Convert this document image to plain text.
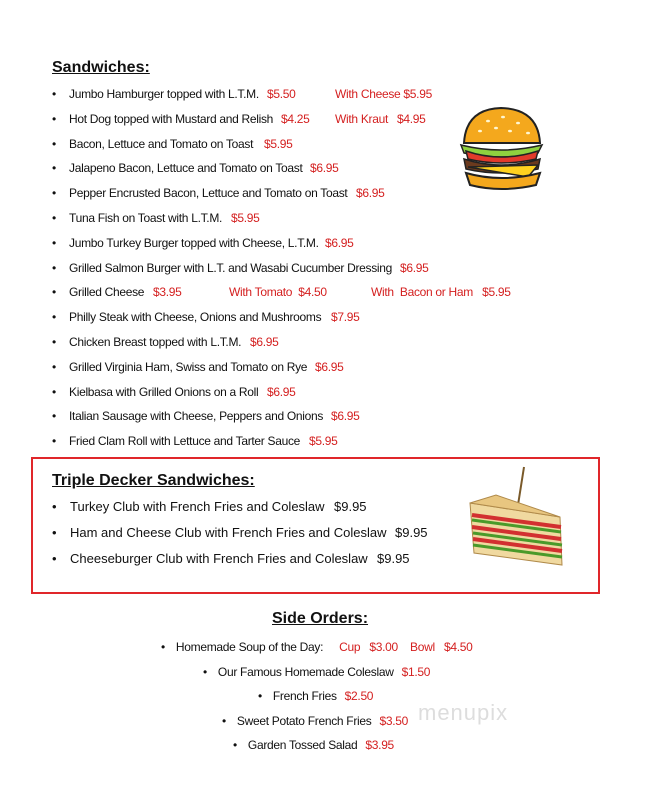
Sandwiches:
• Jumbo Hamburger topped with L.T.M. $5.50	With Cheese $5.95
• Hot Dog topped with Mustard and Relish $4.25 With Kraut $4.95
• Bacon, Lettuce and Tomato on Toast $5.95
• Jalapeno Bacon, Lettuce and Tomato on Toast $6.95
• Pepper Encrusted Bacon, Lettuce and Tomato on Toast $6.95
• Tuna Fish on Toast with L.T.M. $5.95
• Jumbo Turkey Burger topped with Cheese, L.T.M. $6.95
• Grilled Salmon Burger with L.T. and Wasabi Cucumber Dressing $6.95
• Grilled Cheese $3.95	With Tomato  $4.50	With  Bacon or Ham   $5.95
• Philly Steak with Cheese, Onions and Mushrooms $7.95
• Chicken Breast topped with L.T.M. $6.95
• Grilled Virginia Ham, Swiss and Tomato on Rye $6.95
• Kielbasa with Grilled Onions on a Roll $6.95
• Italian Sausage with Cheese, Peppers and Onions $6.95
• Fried Clam Roll with Lettuce and Tarter Sauce $5.95
Triple Decker Sandwiches:
• Turkey Club with French Fries and Coleslaw $9.95
• Ham and Cheese Club with French Fries and Coleslaw $9.95
• Cheeseburger Club with French Fries and Coleslaw $9.95
Side Orders:
• Homemade Soup of the Day: Cup   $3.00    Bowl   $4.50
• Our Famous Homemade Coleslaw $1.50
• French Fries $2.50
• Sweet Potato French Fries $3.50
• Garden Tossed Salad $3.95
menupix
